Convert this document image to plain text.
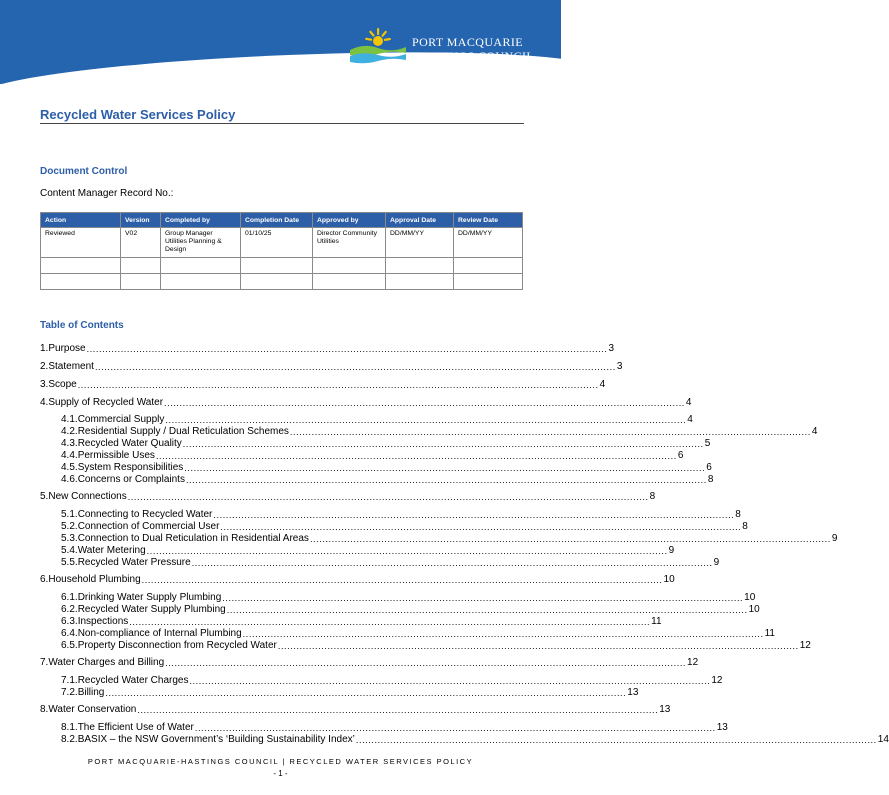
PORT MACQUARIE
HASTINGS COUNCIL
Recycled Water Services Policy
Document Control
Content Manager Record No.:
Action	Version	Completed by	Completion Date	Approved by	Approval Date	Review Date
Reviewed	V02	Group Manager Utilities Planning & Design	01/10/25	Director Community Utilities	DD/MM/YY	DD/MM/YY

Table of Contents
1. Purpose ........................................................................................................................................................................ 3
2. Statement ........................................................................................................................................................................ 3
3. Scope ........................................................................................................................................................................ 4
4. Supply of Recycled Water ........................................................................................................................................................................ 4
4.1. Commercial Supply ........................................................................................................................................................................ 4
4.2. Residential Supply / Dual Reticulation Schemes ........................................................................................................................................................................ 4
4.3. Recycled Water Quality ........................................................................................................................................................................ 5
4.4. Permissible Uses ........................................................................................................................................................................ 6
4.5. System Responsibilities ........................................................................................................................................................................ 6
4.6. Concerns or Complaints ........................................................................................................................................................................ 8
5. New Connections ........................................................................................................................................................................ 8
5.1. Connecting to Recycled Water ........................................................................................................................................................................ 8
5.2. Connection of Commercial User ........................................................................................................................................................................ 8
5.3. Connection to Dual Reticulation in Residential Areas ........................................................................................................................................................................ 9
5.4. Water Metering ........................................................................................................................................................................ 9
5.5. Recycled Water Pressure ........................................................................................................................................................................ 9
6. Household Plumbing ........................................................................................................................................................................ 10
6.1. Drinking Water Supply Plumbing ........................................................................................................................................................................ 10
6.2. Recycled Water Supply Plumbing ........................................................................................................................................................................ 10
6.3. Inspections ........................................................................................................................................................................ 11
6.4. Non-compliance of Internal Plumbing ........................................................................................................................................................................ 11
6.5. Property Disconnection from Recycled Water ........................................................................................................................................................................ 12
7. Water Charges and Billing ........................................................................................................................................................................ 12
7.1. Recycled Water Charges ........................................................................................................................................................................ 12
7.2. Billing ........................................................................................................................................................................ 13
8. Water Conservation ........................................................................................................................................................................ 13
8.1. The Efficient Use of Water ........................................................................................................................................................................ 13
8.2. BASIX – the NSW Government’s ‘Building Sustainability Index’ ........................................................................................................................................................................ 14
PORT MACQUARIE-HASTINGS COUNCIL | RECYCLED WATER SERVICES POLICY
- 1 -
